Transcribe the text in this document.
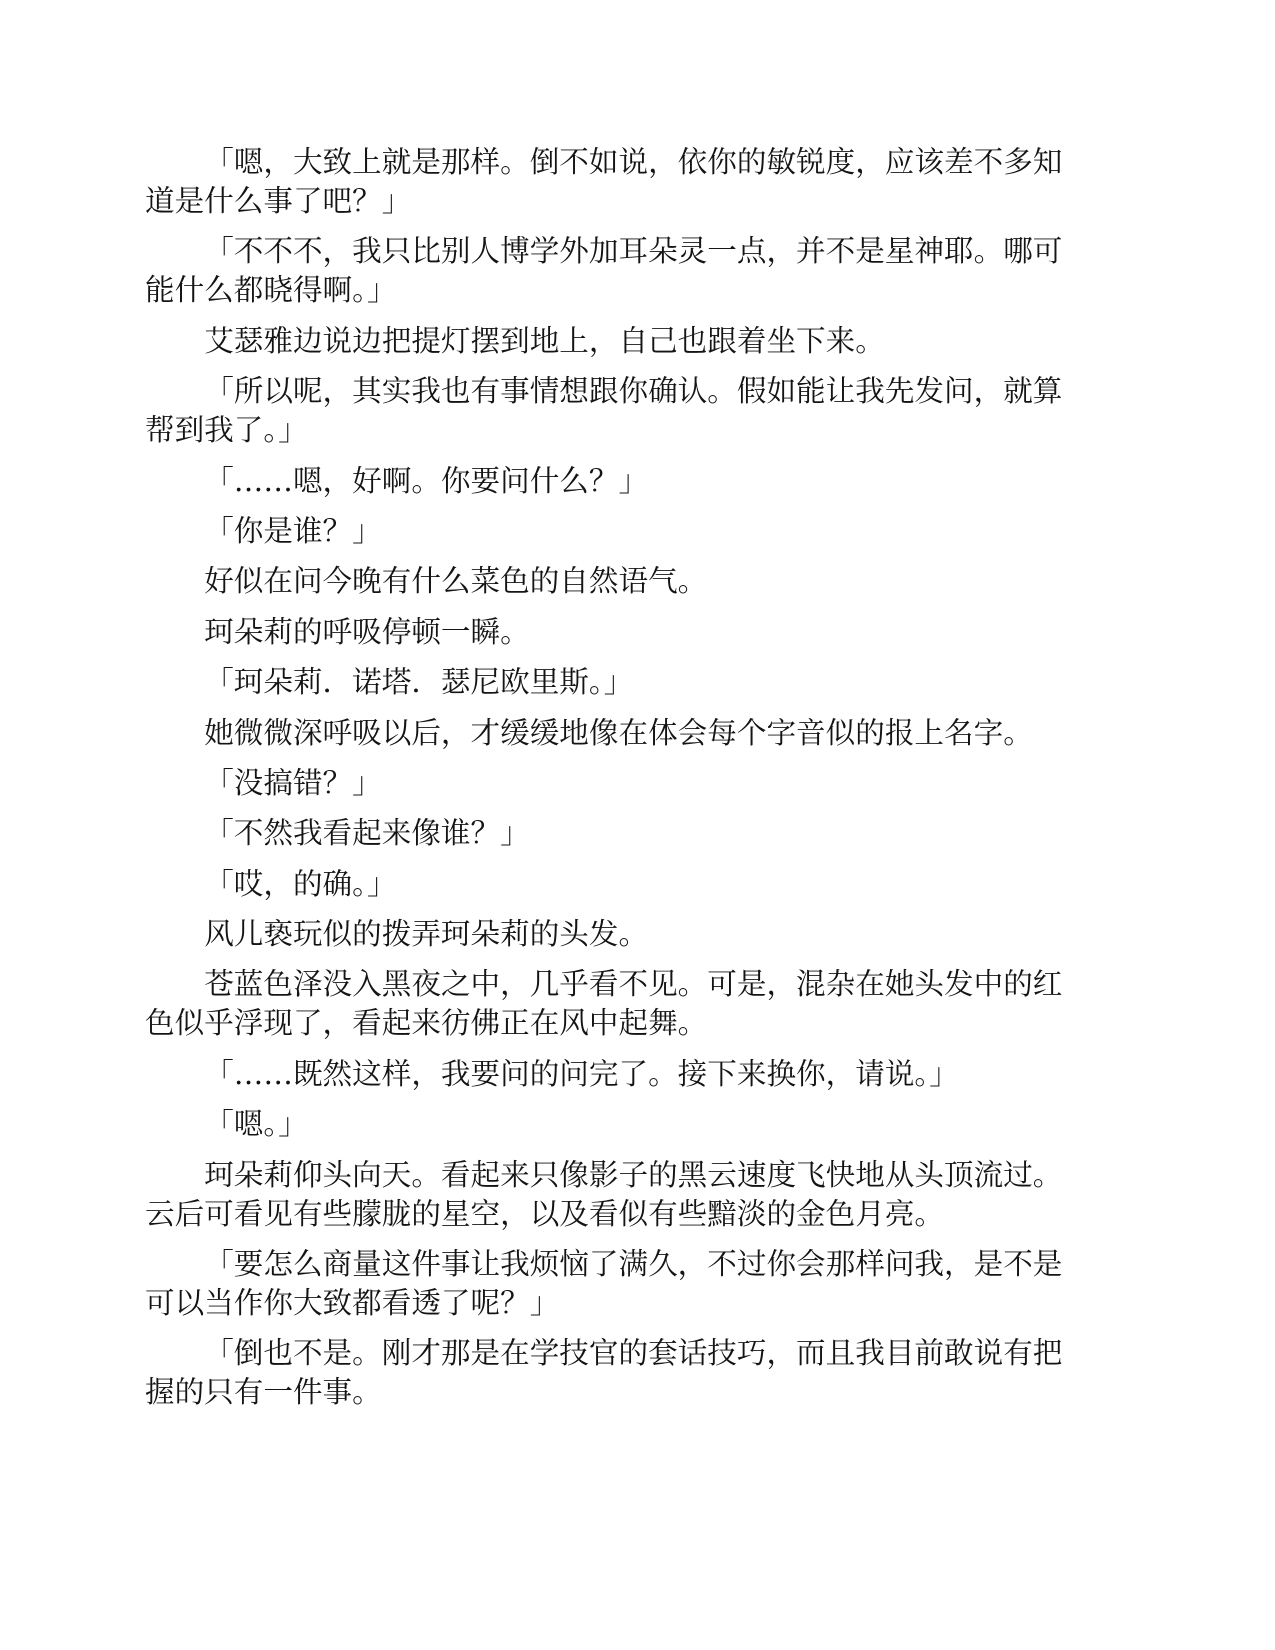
「嗯，大致上就是那样。倒不如说，依你的敏锐度，应该差不多知道是什么事了吧？」

「不不不，我只比别人博学外加耳朵灵一点，并不是星神耶。哪可能什么都晓得啊。」

艾瑟雅边说边把提灯摆到地上，自己也跟着坐下来。

「所以呢，其实我也有事情想跟你确认。假如能让我先发问，就算帮到我了。」

「……嗯，好啊。你要问什么？」

「你是谁？」

好似在问今晚有什么菜色的自然语气。

珂朵莉的呼吸停顿一瞬。

「珂朵莉．诺塔．瑟尼欧里斯。」

她微微深呼吸以后，才缓缓地像在体会每个字音似的报上名字。

「没搞错？」

「不然我看起来像谁？」

「哎，的确。」

风儿亵玩似的拨弄珂朵莉的头发。

苍蓝色泽没入黑夜之中，几乎看不见。可是，混杂在她头发中的红色似乎浮现了，看起来彷佛正在风中起舞。

「……既然这样，我要问的问完了。接下来换你，请说。」

「嗯。」

珂朵莉仰头向天。看起来只像影子的黑云速度飞快地从头顶流过。云后可看见有些朦胧的星空，以及看似有些黯淡的金色月亮。

「要怎么商量这件事让我烦恼了满久，不过你会那样问我，是不是可以当作你大致都看透了呢？」

「倒也不是。刚才那是在学技官的套话技巧，而且我目前敢说有把握的只有一件事。
